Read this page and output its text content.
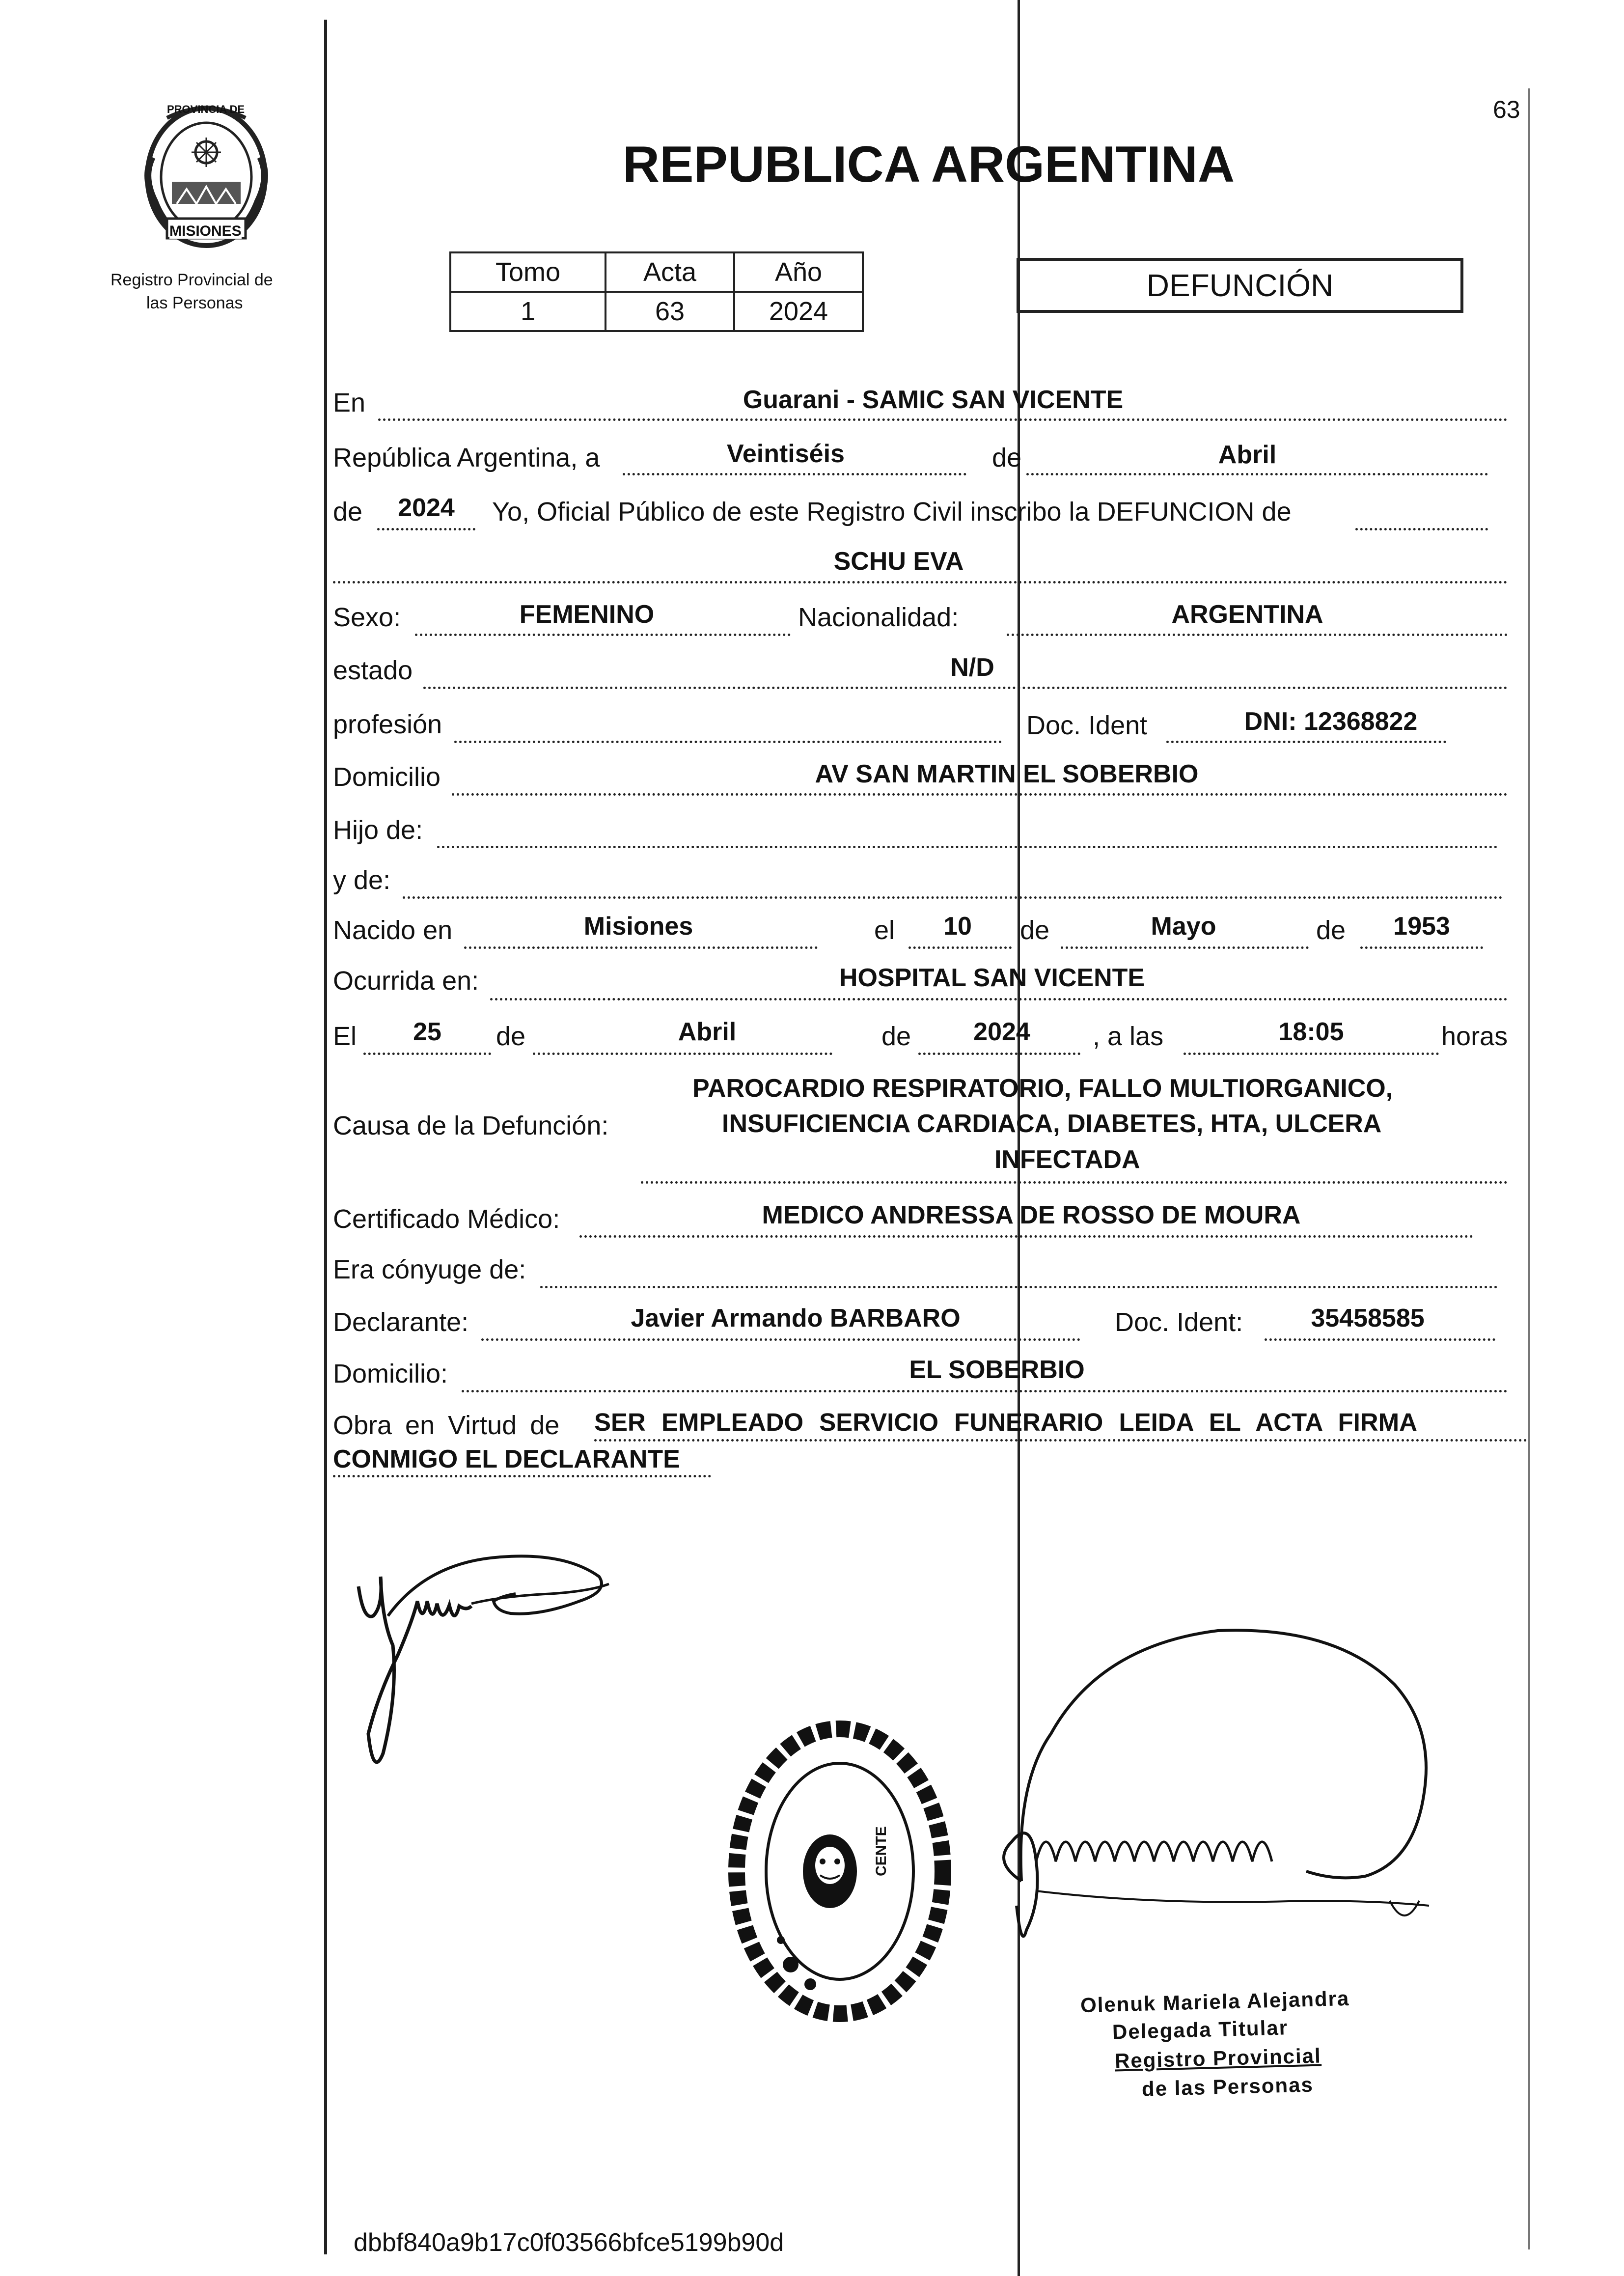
PROVINCIA DE
MISIONES
Registro Provincial de
las Personas
REPUBLICA ARGENTINA
63
Tomo	Acta	Año
1	63	2024
DEFUNCIÓN
En	Guarani - SAMIC SAN VICENTE
República Argentina, a	Veintiséis	de	Abril
de	2024	Yo, Oficial Público de este Registro Civil inscribo la DEFUNCION de
SCHU EVA
Sexo:	FEMENINO	Nacionalidad:	ARGENTINA
estado	N/D
profesión	Doc. Ident	DNI: 12368822
Domicilio	AV SAN MARTIN EL SOBERBIO
Hijo de:
y de:
Nacido en	Misiones	el	10	de	Mayo	de	1953
Ocurrida en:	HOSPITAL SAN VICENTE
El	25	de	Abril	de	2024	, a las	18:05	horas
PAROCARDIO RESPIRATORIO, FALLO MULTIORGANICO,
Causa de la Defunción:	INSUFICIENCIA CARDIACA, DIABETES, HTA, ULCERA
INFECTADA
Certificado Médico:	MEDICO ANDRESSA DE ROSSO DE MOURA
Era cónyuge de:
Declarante:	Javier Armando BARBARO	Doc. Ident:	35458585
Domicilio:	EL SOBERBIO
Obra en Virtud de SER EMPLEADO SERVICIO FUNERARIO LEIDA EL ACTA FIRMA
CONMIGO EL DECLARANTE
CENTE
Olenuk Mariela Alejandra
Delegada Titular
Registro Provincial
de las Personas
dbbf840a9b17c0f03566bfce5199b90d
